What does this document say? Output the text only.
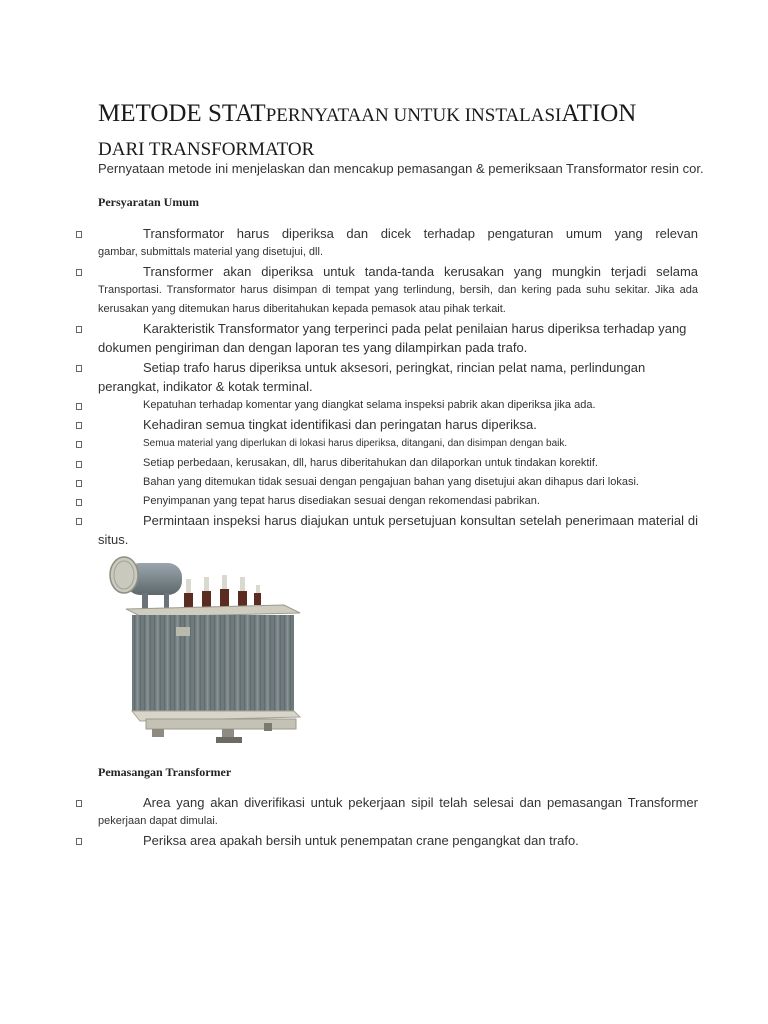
METODE STATPERNYATAAN UNTUK INSTALASIATION
DARI TRANSFORMATOR
Pernyataan metode ini menjelaskan dan mencakup pemasangan & pemeriksaan Transformator resin cor.
Persyaratan Umum
Transformator harus diperiksa dan dicek terhadap pengaturan umum yang relevan
gambar, submittals material yang disetujui, dll.
Transformer akan diperiksa untuk tanda-tanda kerusakan yang mungkin terjadi selama
Transportasi. Transformator harus disimpan di tempat yang terlindung, bersih, dan kering pada suhu sekitar. Jika ada kerusakan yang ditemukan harus diberitahukan kepada pemasok atau pihak terkait.
Karakteristik Transformator yang terperinci pada pelat penilaian harus diperiksa terhadap yang
dokumen pengiriman dan dengan laporan tes yang dilampirkan pada trafo.
Setiap trafo harus diperiksa untuk aksesori, peringkat, rincian pelat nama, perlindungan
perangkat, indikator & kotak terminal.
Kepatuhan terhadap komentar yang diangkat selama inspeksi pabrik akan diperiksa jika ada.
Kehadiran semua tingkat identifikasi dan peringatan harus diperiksa.
Semua material yang diperlukan di lokasi harus diperiksa, ditangani, dan disimpan dengan baik.
Setiap perbedaan, kerusakan, dll, harus diberitahukan dan dilaporkan untuk tindakan korektif.
Bahan yang ditemukan tidak sesuai dengan pengajuan bahan yang disetujui akan dihapus dari lokasi.
Penyimpanan yang tepat harus disediakan sesuai dengan rekomendasi pabrikan.
Permintaan inspeksi harus diajukan untuk persetujuan konsultan setelah penerimaan material di
situs.
Pemasangan Transformer
Area yang akan diverifikasi untuk pekerjaan sipil telah selesai dan pemasangan Transformer
pekerjaan dapat dimulai.
Periksa area apakah bersih untuk penempatan crane pengangkat dan trafo.
